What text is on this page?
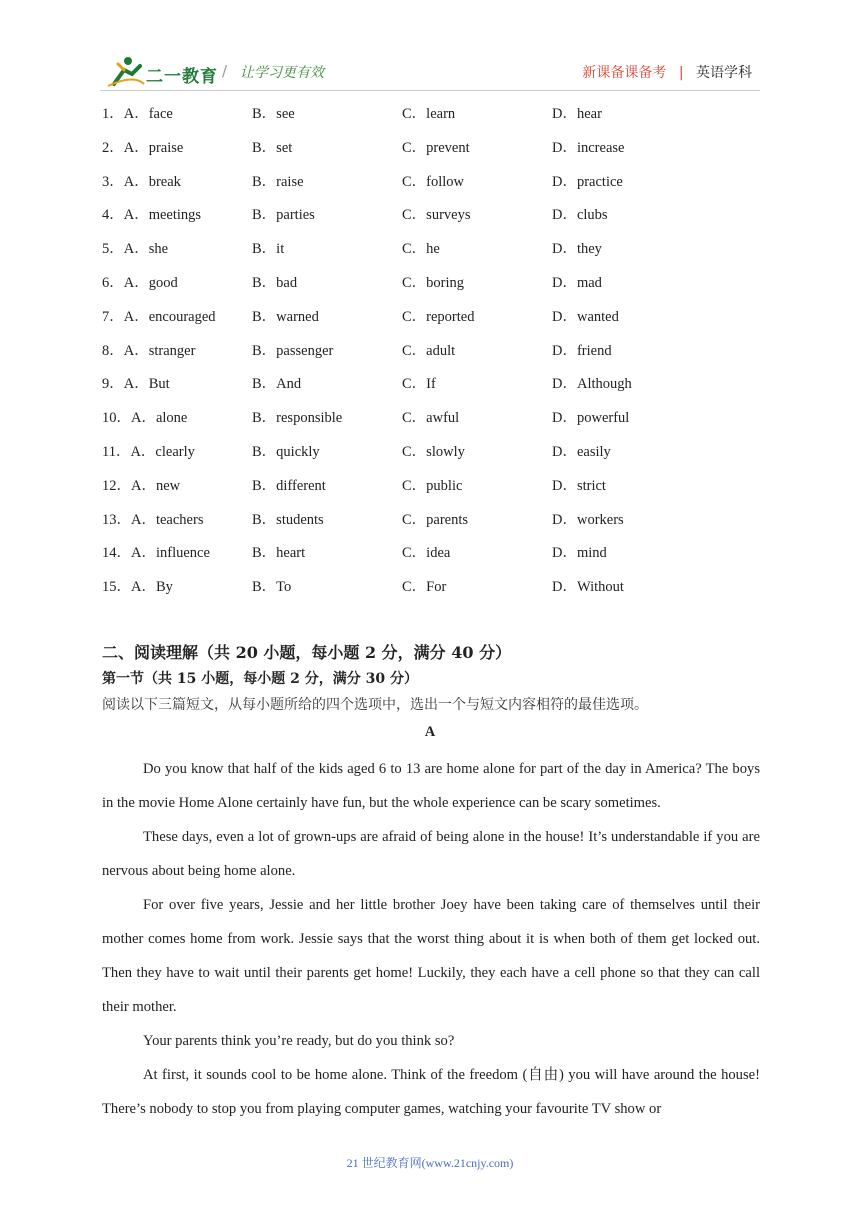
二一教育 / 让学习更有效	新课备课备考 | 英语学科
1．A．face	B．see	C．learn	D．hear
2．A．praise	B．set	C．prevent	D．increase
3．A．break	B．raise	C．follow	D．practice
4．A．meetings	B．parties	C．surveys	D．clubs
5．A．she	B．it	C．he	D．they
6．A．good	B．bad	C．boring	D．mad
7．A．encouraged	B．warned	C．reported	D．wanted
8．A．stranger	B．passenger	C．adult	D．friend
9．A．But	B．And	C．If	D．Although
10．A．alone	B．responsible	C．awful	D．powerful
11．A．clearly	B．quickly	C．slowly	D．easily
12．A．new	B．different	C．public	D．strict
13．A．teachers	B．students	C．parents	D．workers
14．A．influence	B．heart	C．idea	D．mind
15．A．By	B．To	C．For	D．Without
二、阅读理解（共 20 小题，每小题 2 分，满分 40 分）
第一节（共 15 小题，每小题 2 分，满分 30 分）
阅读以下三篇短文，从每小题所给的四个选项中，选出一个与短文内容相符的最佳选项。
A

Do you know that half of the kids aged 6 to 13 are home alone for part of the day in America? The boys in the movie Home Alone certainly have fun, but the whole experience can be scary sometimes.

These days, even a lot of grown-ups are afraid of being alone in the house! It’s understandable if you are nervous about being home alone.

For over five years, Jessie and her little brother Joey have been taking care of themselves until their mother comes home from work. Jessie says that the worst thing about it is when both of them get locked out. Then they have to wait until their parents get home! Luckily, they each have a cell phone so that they can call their mother.

Your parents think you’re ready, but do you think so?

At first, it sounds cool to be home alone. Think of the freedom (自由) you will have around the house! There’s nobody to stop you from playing computer games, watching your favourite TV show or

21 世纪教育网(www.21cnjy.com)
